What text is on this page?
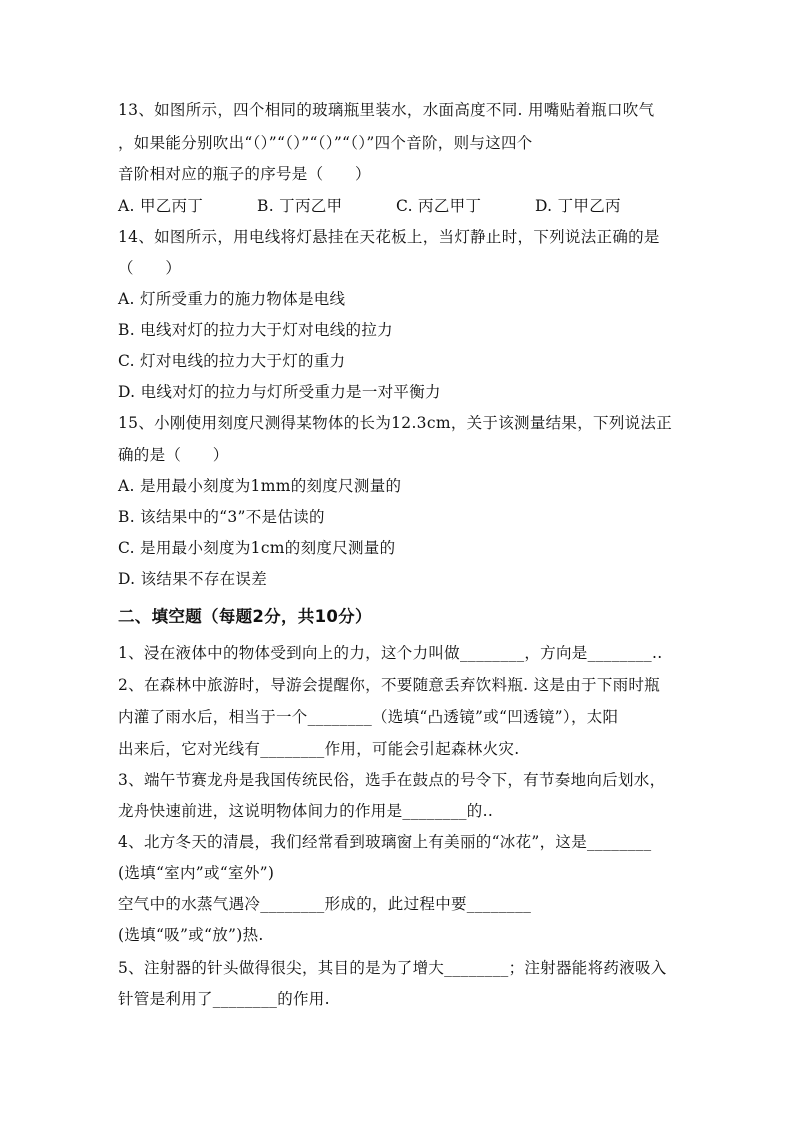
13、如图所示，四个相同的玻璃瓶里装水，水面高度不同. 用嘴贴着瓶口吹气
，如果能分别吹出“（）”“（）”“（）”“（）”四个音阶，则与这四个
音阶相对应的瓶子的序号是（　　）
A. 甲乙丙丁	B. 丁丙乙甲	C. 丙乙甲丁	D. 丁甲乙丙
14、如图所示，用电线将灯悬挂在天花板上，当灯静止时，下列说法正确的是
（　　）
A. 灯所受重力的施力物体是电线
B. 电线对灯的拉力大于灯对电线的拉力
C. 灯对电线的拉力大于灯的重力
D. 电线对灯的拉力与灯所受重力是一对平衡力
15、小刚使用刻度尺测得某物体的长为12.3cm，关于该测量结果，下列说法正
确的是（　　）
A. 是用最小刻度为1mm的刻度尺测量的
B. 该结果中的“3”不是估读的
C. 是用最小刻度为1cm的刻度尺测量的
D. 该结果不存在误差
二、填空题（每题2分，共10分）
1、浸在液体中的物体受到向上的力，这个力叫做________，方向是________..
2、在森林中旅游时，导游会提醒你，不要随意丢弃饮料瓶. 这是由于下雨时瓶
内灌了雨水后，相当于一个________（选填“凸透镜”或“凹透镜”），太阳
出来后，它对光线有________作用，可能会引起森林火灾.
3、端午节赛龙舟是我国传统民俗，选手在鼓点的号令下，有节奏地向后划水，
龙舟快速前进，这说明物体间力的作用是________的..
4、北方冬天的清晨，我们经常看到玻璃窗上有美丽的“冰花”，这是________
(选填“室内”或“室外”)
空气中的水蒸气遇冷________形成的，此过程中要________
(选填“吸”或“放”)热.
5、注射器的针头做得很尖，其目的是为了增大________；注射器能将药液吸入
针管是利用了________的作用.
